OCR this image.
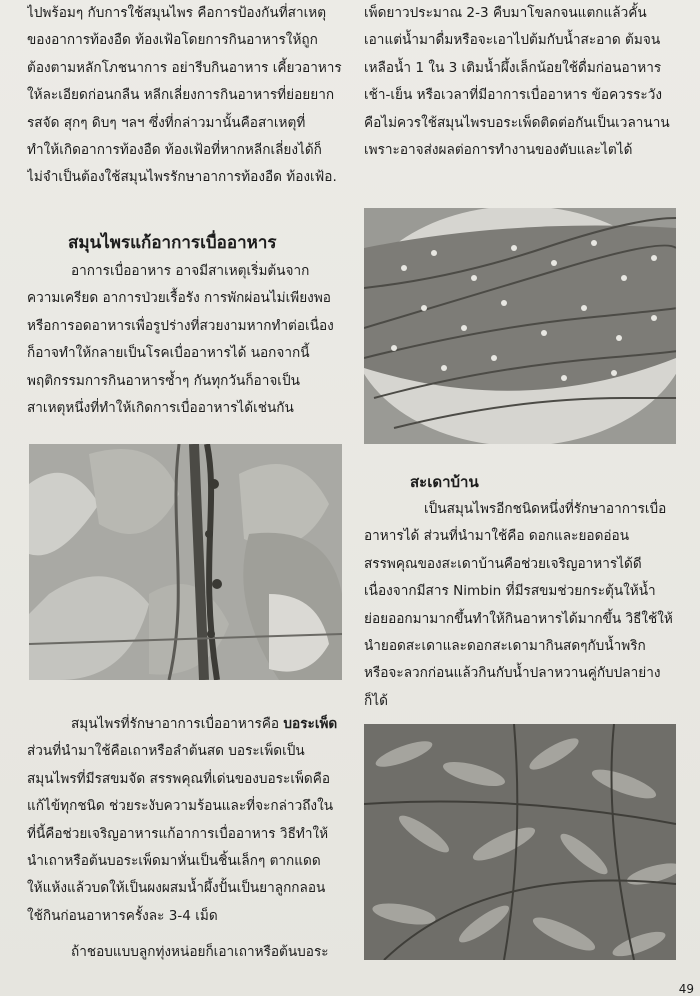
ไปพร้อมๆ กับการใช้สมุนไพร คือการป้องกันที่สาเหตุ
ของอาการท้องอืด ท้องเฟ้อโดยการกินอาหารให้ถูก
ต้องตามหลักโภชนาการ อย่ารีบกินอาหาร เคี้ยวอาหาร
ให้ละเอียดก่อนกลืน หลีกเลี่ยงการกินอาหารที่ย่อยยาก
รสจัด สุกๆ ดิบๆ ฯลฯ ซึ่งที่กล่าวมานั้นคือสาเหตุที่
ทำให้เกิดอาการท้องอืด ท้องเฟ้อที่หากหลีกเลี่ยงได้ก็
ไม่จำเป็นต้องใช้สมุนไพรรักษาอาการท้องอืด ท้องเฟ้อ.
สมุนไพรแก้อาการเบื่ออาหาร
อาการเบื่ออาหาร อาจมีสาเหตุเริ่มต้นจาก
ความเครียด อาการป่วยเรื้อรัง การพักผ่อนไม่เพียงพอ
หรือการอดอาหารเพื่อรูปร่างที่สวยงามหากทำต่อเนื่อง
ก็อาจทำให้กลายเป็นโรคเบื่ออาหารได้ นอกจากนี้
พฤติกรรมการกินอาหารซ้ำๆ กันทุกวันก็อาจเป็น
สาเหตุหนึ่งที่ทำให้เกิดการเบื่ออาหารได้เช่นกัน
สมุนไพรที่รักษาอาการเบื่ออาหารคือ บอระเพ็ด
ส่วนที่นำมาใช้คือเถาหรือลำต้นสด บอระเพ็ดเป็น
สมุนไพรที่มีรสขมจัด สรรพคุณที่เด่นของบอระเพ็ดคือ
แก้ไข้ทุกชนิด ช่วยระงับความร้อนและที่จะกล่าวถึงใน
ที่นี้คือช่วยเจริญอาหารแก้อาการเบื่ออาหาร วิธีทำให้
นำเถาหรือต้นบอระเพ็ดมาหั่นเป็นชิ้นเล็กๆ ตากแดด
ให้แห้งแล้วบดให้เป็นผงผสมน้ำผึ้งปั้นเป็นยาลูกกลอน
ใช้กินก่อนอาหารครั้งละ 3-4 เม็ด
ถ้าชอบแบบลูกทุ่งหน่อยก็เอาเถาหรือต้นบอระ
เพ็ดยาวประมาณ 2-3 คืบมาโขลกจนแตกแล้วคั้น
เอาแต่น้ำมาดื่มหรือจะเอาไปต้มกับน้ำสะอาด ต้มจน
เหลือน้ำ 1 ใน 3 เติมน้ำผึ้งเล็กน้อยใช้ดื่มก่อนอาหาร
เช้า-เย็น หรือเวลาที่มีอาการเบื่ออาหาร ข้อควรระวัง
คือไม่ควรใช้สมุนไพรบอระเพ็ดติดต่อกันเป็นเวลานาน
เพราะอาจส่งผลต่อการทำงานของตับและไตได้
สะเดาบ้าน
เป็นสมุนไพรอีกชนิดหนึ่งที่รักษาอาการเบื่อ
อาหารได้ ส่วนที่นำมาใช้คือ ดอกและยอดอ่อน
สรรพคุณของสะเดาบ้านคือช่วยเจริญอาหารได้ดี
เนื่องจากมีสาร Nimbin ที่มีรสขมช่วยกระตุ้นให้น้ำ
ย่อยออกมามากขึ้นทำให้กินอาหารได้มากขึ้น วิธีใช้ให้
นำยอดสะเดาและดอกสะเดามากินสดๆกับน้ำพริก
หรือจะลวกก่อนแล้วกินกับน้ำปลาหวานคู่กับปลาย่าง
ก็ได้
49
